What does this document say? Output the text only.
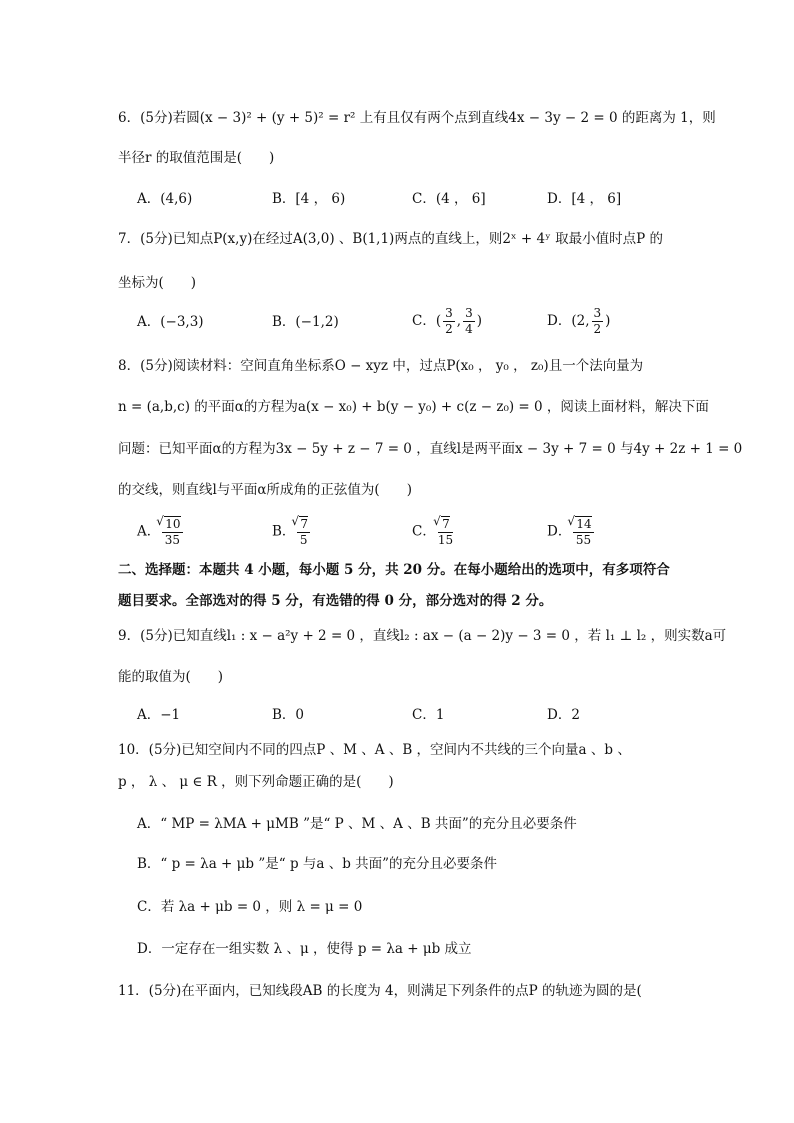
6．(5分)若圆(x − 3)² + (y + 5)² = r² 上有且仅有两个点到直线4x − 3y − 2 = 0 的距离为 1，则
半径r 的取值范围是(　　)
A．(4,6)	B．[4 ， 6)	C．(4 ， 6]	D．[4 ， 6]
7．(5分)已知点P(x,y)在经过A(3,0) 、B(1,1)两点的直线上，则2ˣ + 4ʸ 取最小值时点P 的
坐标为(　　)
A．(−3,3)	B．(−1,2)	C．( $\frac{3}{2}$ , $\frac{3}{4}$ )	D．(2, $\frac{3}{2}$ )
8．(5分)阅读材料：空间直角坐标系O − xyz 中，过点P(x₀ ， y₀ ， z₀)且一个法向量为
n = (a,b,c) 的平面α的方程为a(x − x₀) + b(y − y₀) + c(z − z₀) = 0 ，阅读上面材料，解决下面
问题：已知平面α的方程为3x − 5y + z − 7 = 0 ，直线l是两平面x − 3y + 7 = 0 与4y + 2z + 1 = 0
的交线，则直线l与平面α所成角的正弦值为(　　)
A． √ $\frac{10}{35}$	B． √ $\frac{7}{5}$	C． √ $\frac{7}{15}$	D． √ $\frac{14}{55}$
二、选择题：本题共 4 小题，每小题 5 分，共 20 分。在每小题给出的选项中，有多项符合
题目要求。全部选对的得 5 分，有选错的得 0 分，部分选对的得 2 分。
9．(5分)已知直线l₁ : x − a²y + 2 = 0 ，直线l₂ : ax − (a − 2)y − 3 = 0 ，若 l₁ ⊥ l₂ ，则实数a可
能的取值为(　　)
A．−1	B．0	C．1	D．2
10．(5分)已知空间内不同的四点P 、M 、A 、B ，空间内不共线的三个向量a 、b 、
p ， λ 、 μ ∈ R ，则下列命题正确的是(　　)
A．“ MP = λMA + μMB ”是“ P 、M 、A 、B 共面”的充分且必要条件
B．“ p = λa + μb ”是“ p 与a 、b 共面”的充分且必要条件
C．若 λa + μb = 0 ，则 λ = μ = 0
D．一定存在一组实数 λ 、μ ，使得 p = λa + μb 成立
11．(5分)在平面内，已知线段AB 的长度为 4，则满足下列条件的点P 的轨迹为圆的是(
